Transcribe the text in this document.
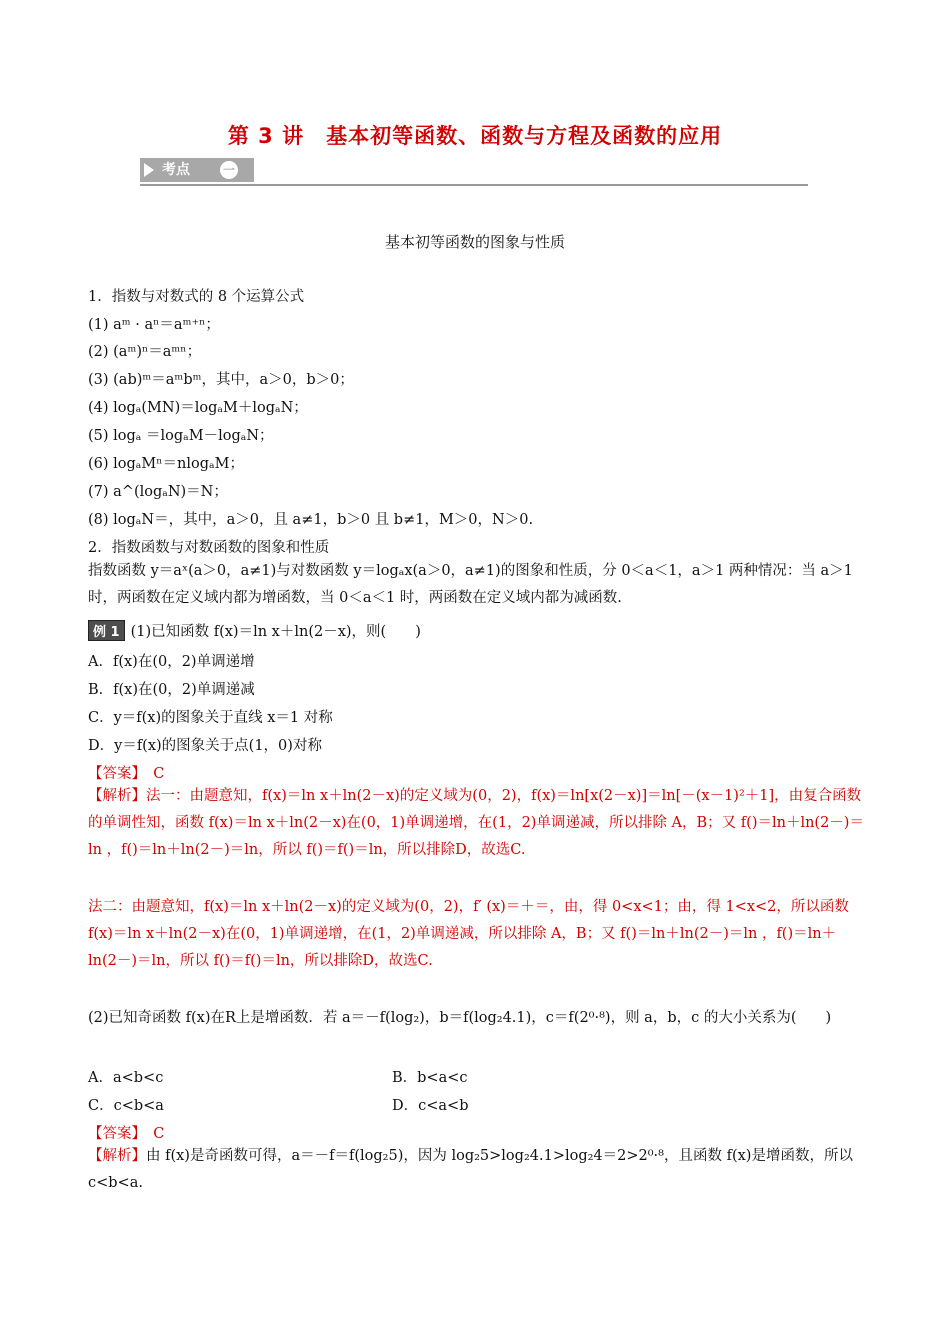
第 3 讲　基本初等函数、函数与方程及函数的应用
考点	一
基本初等函数的图象与性质
1．指数与对数式的 8 个运算公式
(1) aᵐ · aⁿ＝aᵐ⁺ⁿ；
(2) (aᵐ)ⁿ＝aᵐⁿ；
(3) (ab)ᵐ＝aᵐbᵐ，其中，a＞0，b＞0；
(4) logₐ(MN)＝logₐM＋logₐN；
(5) logₐ ＝logₐM－logₐN；
(6) logₐMⁿ＝nlogₐM；
(7) a^(logₐN)＝N；
(8) logₐN＝，其中，a＞0，且 a≠1，b＞0 且 b≠1，M＞0，N＞0.
2．指数函数与对数函数的图象和性质
指数函数 y＝aˣ(a＞0，a≠1)与对数函数 y＝logₐx(a＞0，a≠1)的图象和性质，分 0＜a＜1，a＞1 两种情况：当 a＞1 时，两函数在定义域内都为增函数，当 0＜a＜1 时，两函数在定义域内都为减函数.
例 1 (1)已知函数 f(x)＝ln x＋ln(2－x)，则(　　)
A．f(x)在(0，2)单调递增
B．f(x)在(0，2)单调递减
C．y＝f(x)的图象关于直线 x＝1 对称
D．y＝f(x)的图象关于点(1，0)对称
【答案】　 C
【解析】法一：由题意知，f(x)＝ln x＋ln(2－x)的定义域为(0，2)，f(x)＝ln[x(2－x)]＝ln[－(x－1)²＋1]，由复合函数的单调性知，函数 f(x)＝ln x＋ln(2－x)在(0，1)单调递增，在(1，2)单调递减，所以排除 A，B；又 f()＝ln＋ln(2－)＝ln ，f()＝ln＋ln(2－)＝ln，所以 f()＝f()＝ln，所以排除D，故选C.
法二：由题意知，f(x)＝ln x＋ln(2－x)的定义域为(0，2)，f′ (x)＝＋＝，由，得 0<x<1；由，得 1<x<2，所以函数 f(x)＝ln x＋ln(2－x)在(0，1)单调递增，在(1，2)单调递减，所以排除 A，B；又 f()＝ln＋ln(2－)＝ln ，f()＝ln＋ln(2－)＝ln，所以 f()＝f()＝ln，所以排除D，故选C.
(2)已知奇函数 f(x)在R上是增函数．若 a＝－f(log₂)，b＝f(log₂4.1)，c＝f(2⁰·⁸)，则 a，b，c 的大小关系为(　　)
A．a<b<c	B．b<a<c
C．c<b<a	D．c<a<b
【答案】　 C
【解析】由 f(x)是奇函数可得，a＝－f＝f(log₂5)，因为 log₂5>log₂4.1>log₂4＝2>2⁰·⁸，且函数 f(x)是增函数，所以 c<b<a.
